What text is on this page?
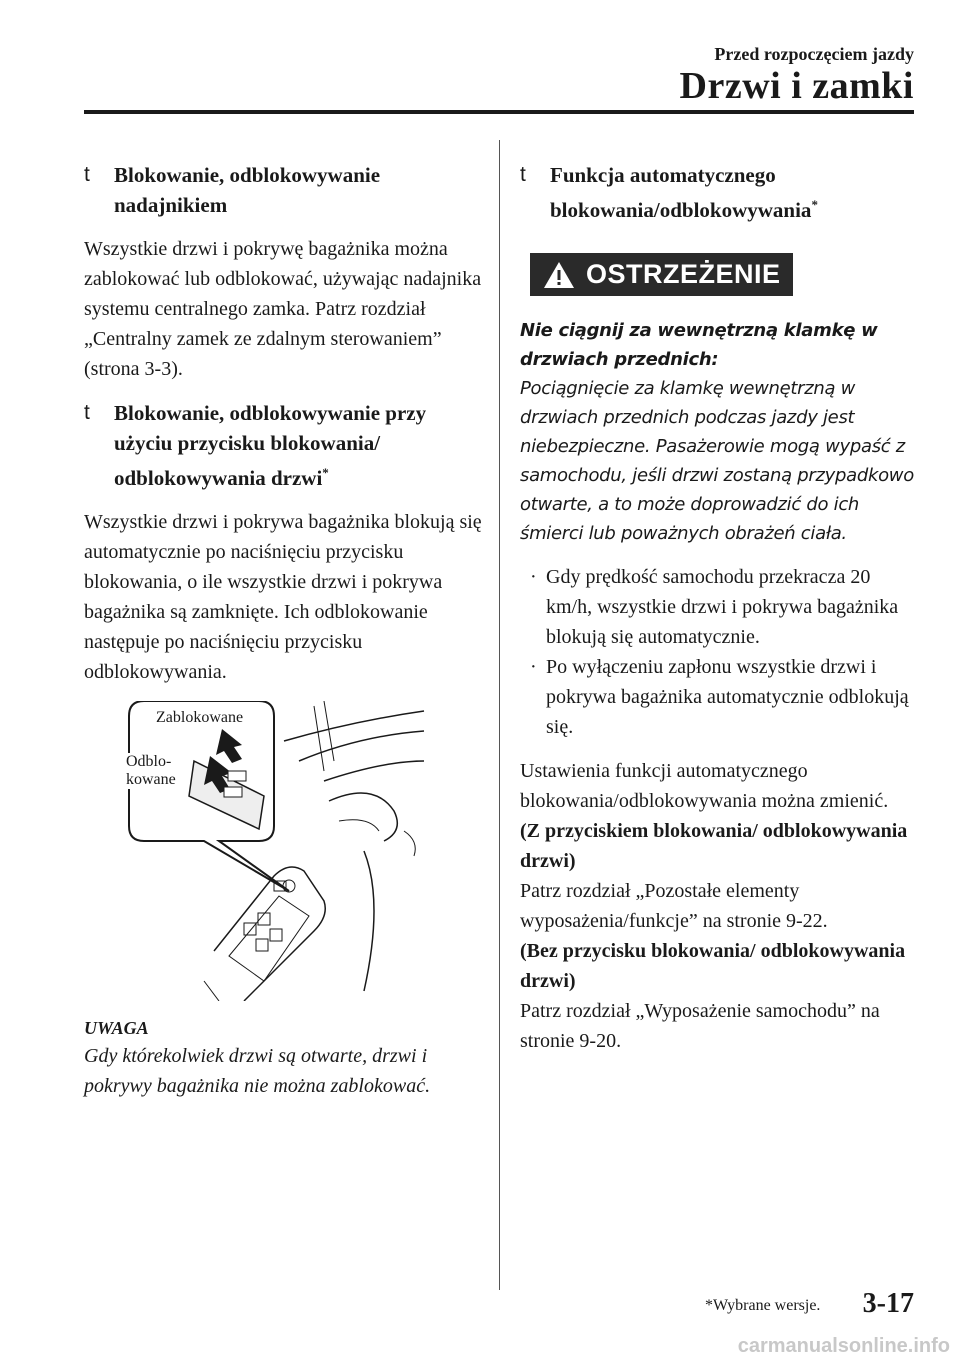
Przed rozpoczęciem jazdy
Drzwi i zamki
t Blokowanie, odblokowywanie nadajnikiem
Wszystkie drzwi i pokrywę bagażnika można zablokować lub odblokować, używając nadajnika systemu centralnego zamka. Patrz rozdział „Centralny zamek ze zdalnym sterowaniem” (strona 3-3).
t Blokowanie, odblokowywanie przy użyciu przycisku blokowania/ odblokowywania drzwi*
Wszystkie drzwi i pokrywa bagażnika blokują się automatycznie po naciśnięciu przycisku blokowania, o ile wszystkie drzwi i pokrywa bagażnika są zamknięte. Ich odblokowanie następuje po naciśnięciu przycisku odblokowywania.
Zablokowane
Odblo-
kowane
UWAGA
Gdy którekolwiek drzwi są otwarte, drzwi i pokrywy bagażnika nie można zablokować.
t Funkcja automatycznego blokowania/odblokowywania*
OSTRZEŻENIE
Nie ciągnij za wewnętrzną klamkę w drzwiach przednich:
Pociągnięcie za klamkę wewnętrzną w drzwiach przednich podczas jazdy jest niebezpieczne. Pasażerowie mogą wypaść z samochodu, jeśli drzwi zostaną przypadkowo otwarte, a to może doprowadzić do ich śmierci lub poważnych obrażeń ciała.
· Gdy prędkość samochodu przekracza 20 km/h, wszystkie drzwi i pokrywa bagażnika blokują się automatycznie.
· Po wyłączeniu zapłonu wszystkie drzwi i pokrywa bagażnika automatycznie odblokują się.
Ustawienia funkcji automatycznego blokowania/odblokowywania można zmienić.
(Z przyciskiem blokowania/ odblokowywania drzwi)
Patrz rozdział „Pozostałe elementy wyposażenia/funkcje” na stronie 9-22.
(Bez przycisku blokowania/ odblokowywania drzwi)
Patrz rozdział „Wyposażenie samochodu” na stronie 9-20.
*Wybrane wersje. 3-17
carmanualsonline.info
